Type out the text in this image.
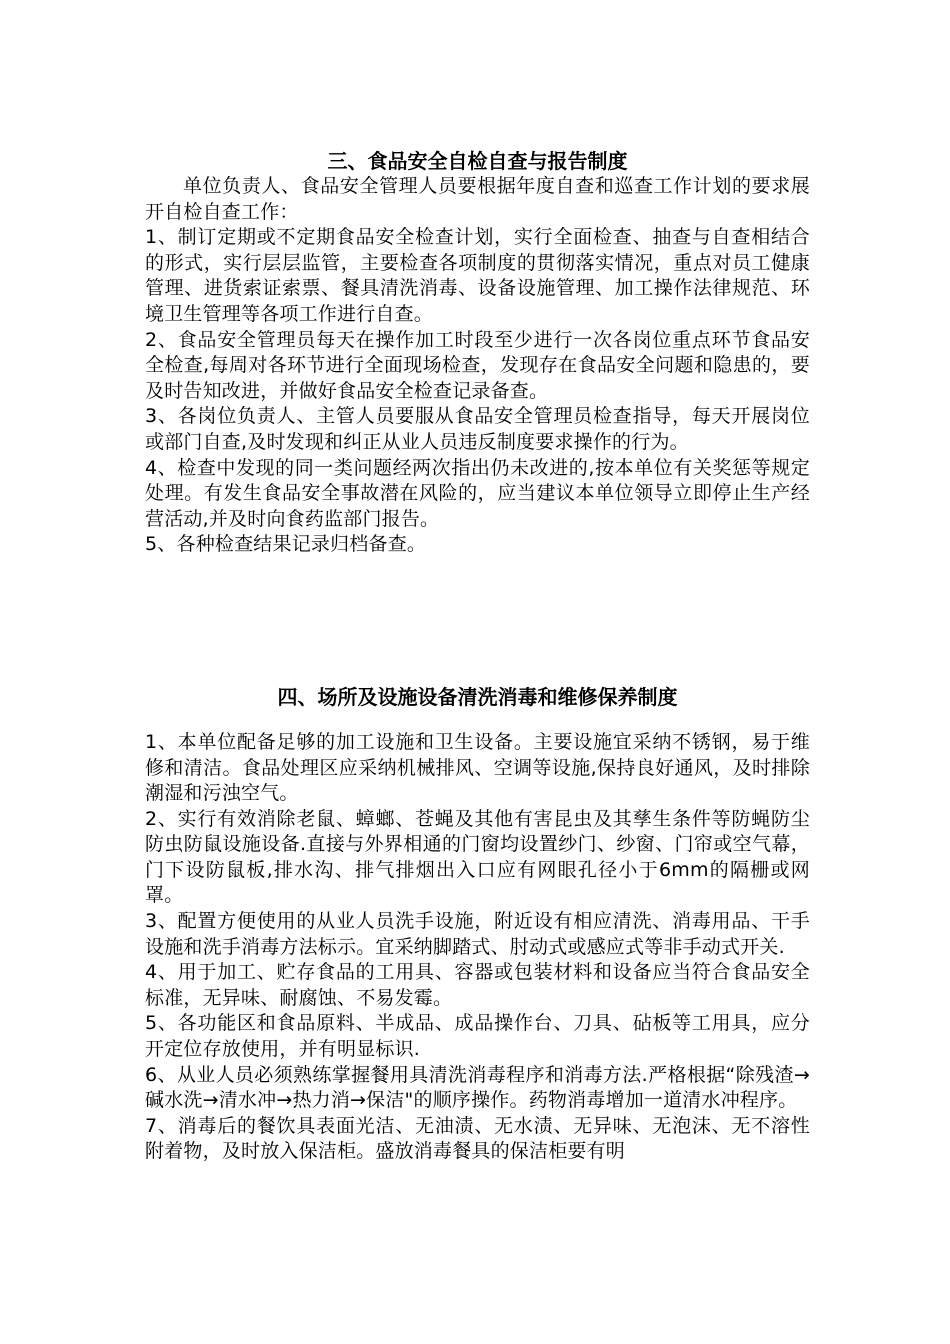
三、食品安全自检自查与报告制度

单位负责人、食品安全管理人员要根据年度自查和巡查工作计划的要求展开自检自查工作：

1、制订定期或不定期食品安全检查计划，实行全面检查、抽查与自查相结合的形式，实行层层监管，主要检查各项制度的贯彻落实情况，重点对员工健康管理、进货索证索票、餐具清洗消毒、设备设施管理、加工操作法律规范、环境卫生管理等各项工作进行自查。

2、食品安全管理员每天在操作加工时段至少进行一次各岗位重点环节食品安全检查,每周对各环节进行全面现场检查，发现存在食品安全问题和隐患的，要及时告知改进，并做好食品安全检查记录备查。

3、各岗位负责人、主管人员要服从食品安全管理员检查指导，每天开展岗位或部门自查,及时发现和纠正从业人员违反制度要求操作的行为。

4、检查中发现的同一类问题经两次指出仍未改进的,按本单位有关奖惩等规定处理。有发生食品安全事故潜在风险的，应当建议本单位领导立即停止生产经营活动,并及时向食药监部门报告。

5、各种检查结果记录归档备查。

四、场所及设施设备清洗消毒和维修保养制度

1、本单位配备足够的加工设施和卫生设备。主要设施宜采纳不锈钢，易于维修和清洁。食品处理区应采纳机械排风、空调等设施,保持良好通风，及时排除潮湿和污浊空气。

2、实行有效消除老鼠、蟑螂、苍蝇及其他有害昆虫及其孳生条件等防蝇防尘防虫防鼠设施设备.直接与外界相通的门窗均设置纱门、纱窗、门帘或空气幕，门下设防鼠板,排水沟、排气排烟出入口应有网眼孔径小于6mm的隔栅或网罩。

3、配置方便使用的从业人员洗手设施，附近设有相应清洗、消毒用品、干手设施和洗手消毒方法标示。宜采纳脚踏式、肘动式或感应式等非手动式开关.

4、用于加工、贮存食品的工用具、容器或包装材料和设备应当符合食品安全标准，无异味、耐腐蚀、不易发霉。

5、各功能区和食品原料、半成品、成品操作台、刀具、砧板等工用具，应分开定位存放使用，并有明显标识.

6、从业人员必须熟练掌握餐用具清洗消毒程序和消毒方法.严格根据“除残渣→碱水洗→清水冲→热力消→保洁"的顺序操作。药物消毒增加一道清水冲程序。

7、消毒后的餐饮具表面光洁、无油渍、无水渍、无异味、无泡沫、无不溶性附着物，及时放入保洁柜。盛放消毒餐具的保洁柜要有明
